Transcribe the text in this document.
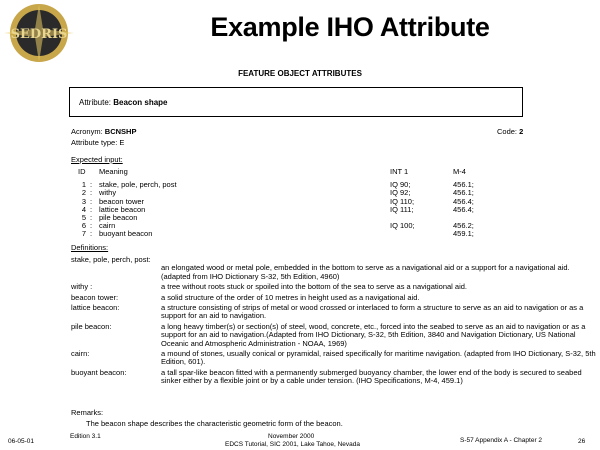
SEDRIS	Example IHO Attribute
FEATURE OBJECT ATTRIBUTES
Attribute: Beacon shape
Acronym: BCNSHP	Code: 2
Attribute type: E
Expected input:
ID		Meaning	INT 1	M-4

1	:	stake, pole, perch, post	IQ 90;	456.1;
2	:	withy	IQ 92;	456.1;
3	:	beacon tower	IQ 110;	456.4;
4	:	lattice beacon	IQ 111;	456.4;
5	:	pile beacon		
6	:	cairn	IQ 100;	456.2;
7	:	buoyant beacon		459.1;
Definitions:
stake, pole, perch, post:
an elongated wood or metal pole, embedded in the bottom to serve as a navigational aid or a support for a navigational aid. (adapted from IHO Dictionary S-32, 5th Edition, 4960)
withy :	a tree without roots stuck or spoiled into the bottom of the sea to serve as a navigational aid.
beacon tower:	a solid structure of the order of 10 metres in height used as a navigational aid.
lattice beacon:	a structure consisting of strips of metal or wood crossed or interlaced to form a structure to serve as an aid to navigation or as a support for an aid to navigation.
pile beacon:	a long heavy timber(s) or section(s) of steel, wood, concrete, etc., forced into the seabed to serve as an aid to navigation or as a support for an aid to navigation.(Adapted from IHO Dictionary, S-32, 5th Edition, 3840 and Navigation Dictionary, US National Oceanic and Atmospheric Administration - NOAA, 1969)
cairn:	a mound of stones, usually conical or pyramidal, raised specifically for maritime navigation. (adapted from IHO Dictionary, S-32, 5th Edition, 601).
buoyant beacon:	a tall spar-like beacon fitted with a permanently submerged buoyancy chamber, the lower end of the body is secured to seabed sinker either by a flexible joint or by a cable under tension. (IHO Specifications, M-4, 459.1)
Remarks:
The beacon shape describes the characteristic geometric form of the beacon.
06-05-01
Edition 3.1	November 2000
EDCS Tutorial, SIC 2001, Lake Tahoe, Nevada
S-57 Appendix A - Chapter 2	26
